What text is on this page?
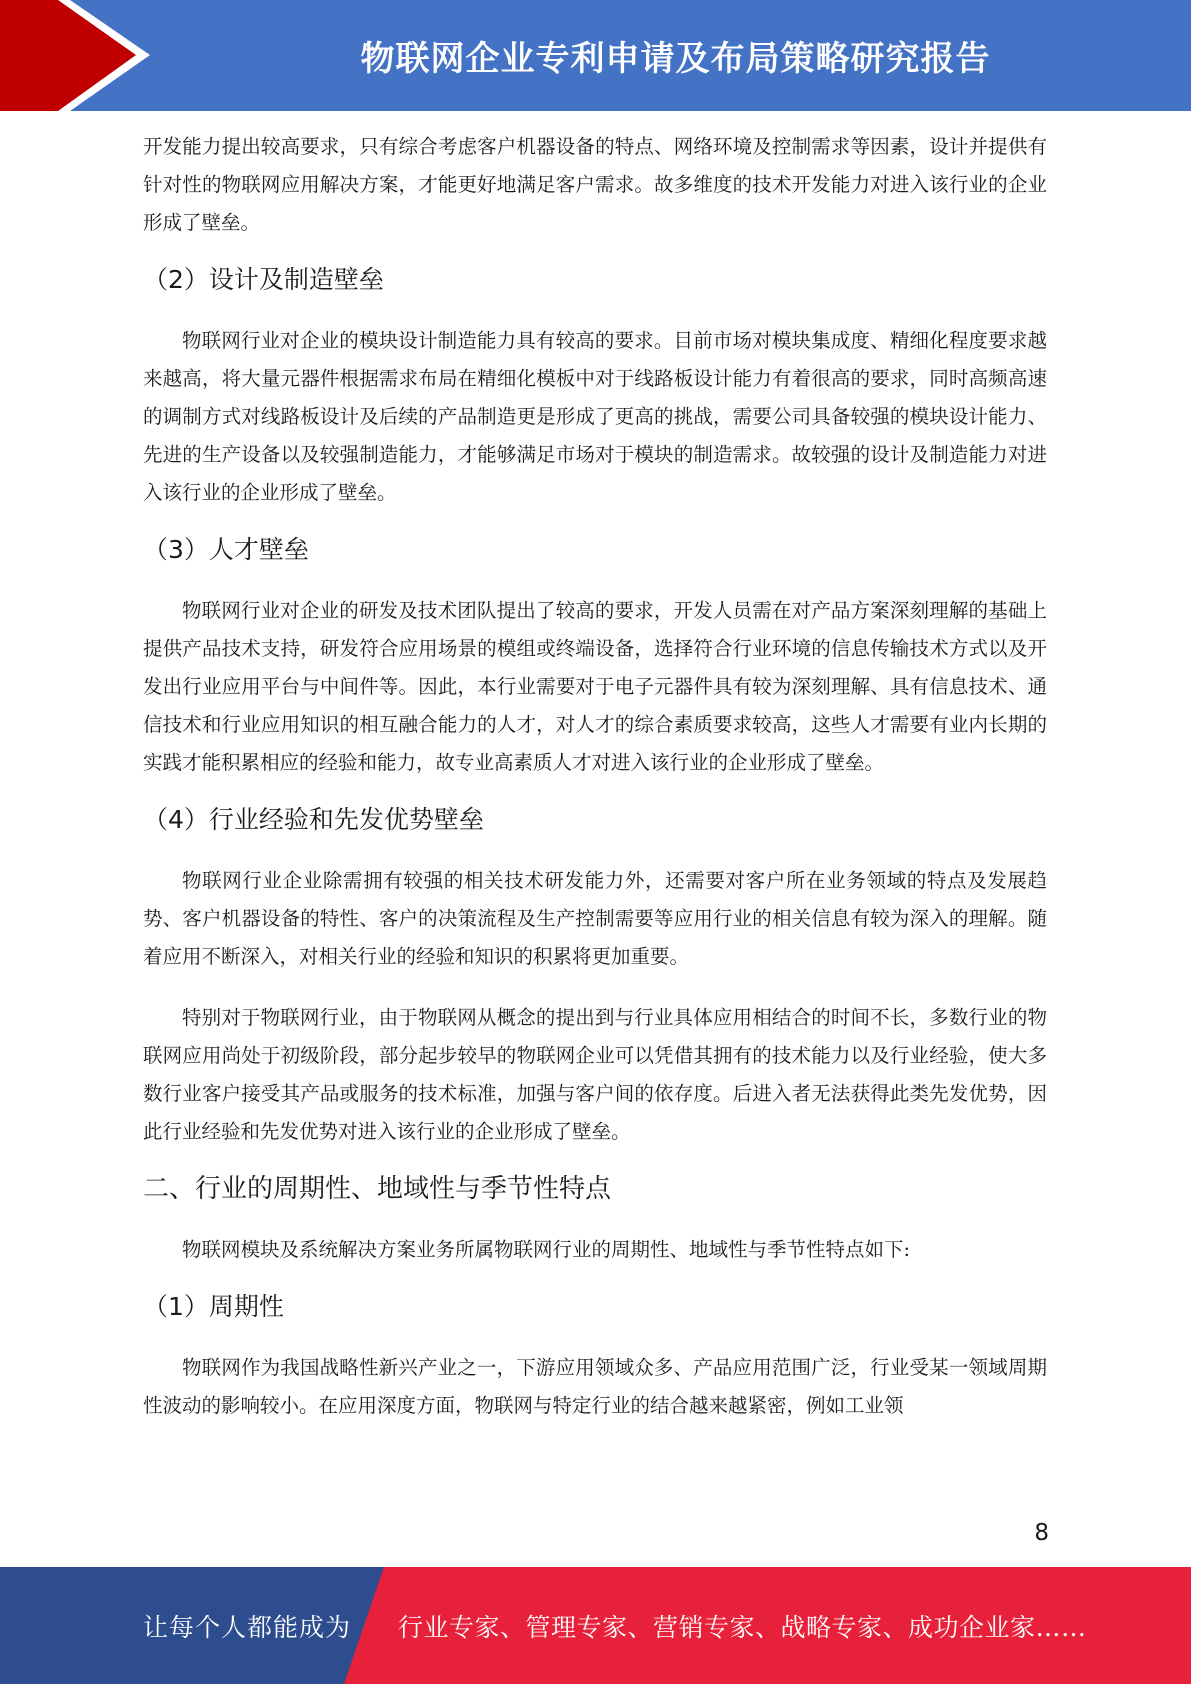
物联网企业专利申请及布局策略研究报告

开发能力提出较高要求，只有综合考虑客户机器设备的特点、网络环境及控制需求等因素，设计并提供有针对性的物联网应用解决方案，才能更好地满足客户需求。故多维度的技术开发能力对进入该行业的企业形成了壁垒。

（2）设计及制造壁垒

物联网行业对企业的模块设计制造能力具有较高的要求。目前市场对模块集成度、精细化程度要求越来越高，将大量元器件根据需求布局在精细化模板中对于线路板设计能力有着很高的要求，同时高频高速的调制方式对线路板设计及后续的产品制造更是形成了更高的挑战，需要公司具备较强的模块设计能力、先进的生产设备以及较强制造能力，才能够满足市场对于模块的制造需求。故较强的设计及制造能力对进入该行业的企业形成了壁垒。

（3）人才壁垒

物联网行业对企业的研发及技术团队提出了较高的要求，开发人员需在对产品方案深刻理解的基础上提供产品技术支持，研发符合应用场景的模组或终端设备，选择符合行业环境的信息传输技术方式以及开发出行业应用平台与中间件等。因此，本行业需要对于电子元器件具有较为深刻理解、具有信息技术、通信技术和行业应用知识的相互融合能力的人才，对人才的综合素质要求较高，这些人才需要有业内长期的实践才能积累相应的经验和能力，故专业高素质人才对进入该行业的企业形成了壁垒。

（4）行业经验和先发优势壁垒

物联网行业企业除需拥有较强的相关技术研发能力外，还需要对客户所在业务领域的特点及发展趋势、客户机器设备的特性、客户的决策流程及生产控制需要等应用行业的相关信息有较为深入的理解。随着应用不断深入，对相关行业的经验和知识的积累将更加重要。

特别对于物联网行业，由于物联网从概念的提出到与行业具体应用相结合的时间不长，多数行业的物联网应用尚处于初级阶段，部分起步较早的物联网企业可以凭借其拥有的技术能力以及行业经验，使大多数行业客户接受其产品或服务的技术标准，加强与客户间的依存度。后进入者无法获得此类先发优势，因此行业经验和先发优势对进入该行业的企业形成了壁垒。

二、行业的周期性、地域性与季节性特点

物联网模块及系统解决方案业务所属物联网行业的周期性、地域性与季节性特点如下:

（1）周期性

物联网作为我国战略性新兴产业之一，下游应用领域众多、产品应用范围广泛，行业受某一领域周期性波动的影响较小。在应用深度方面，物联网与特定行业的结合越来越紧密，例如工业领

8
让每个人都能成为 行业专家、管理专家、营销专家、战略专家、成功企业家……
